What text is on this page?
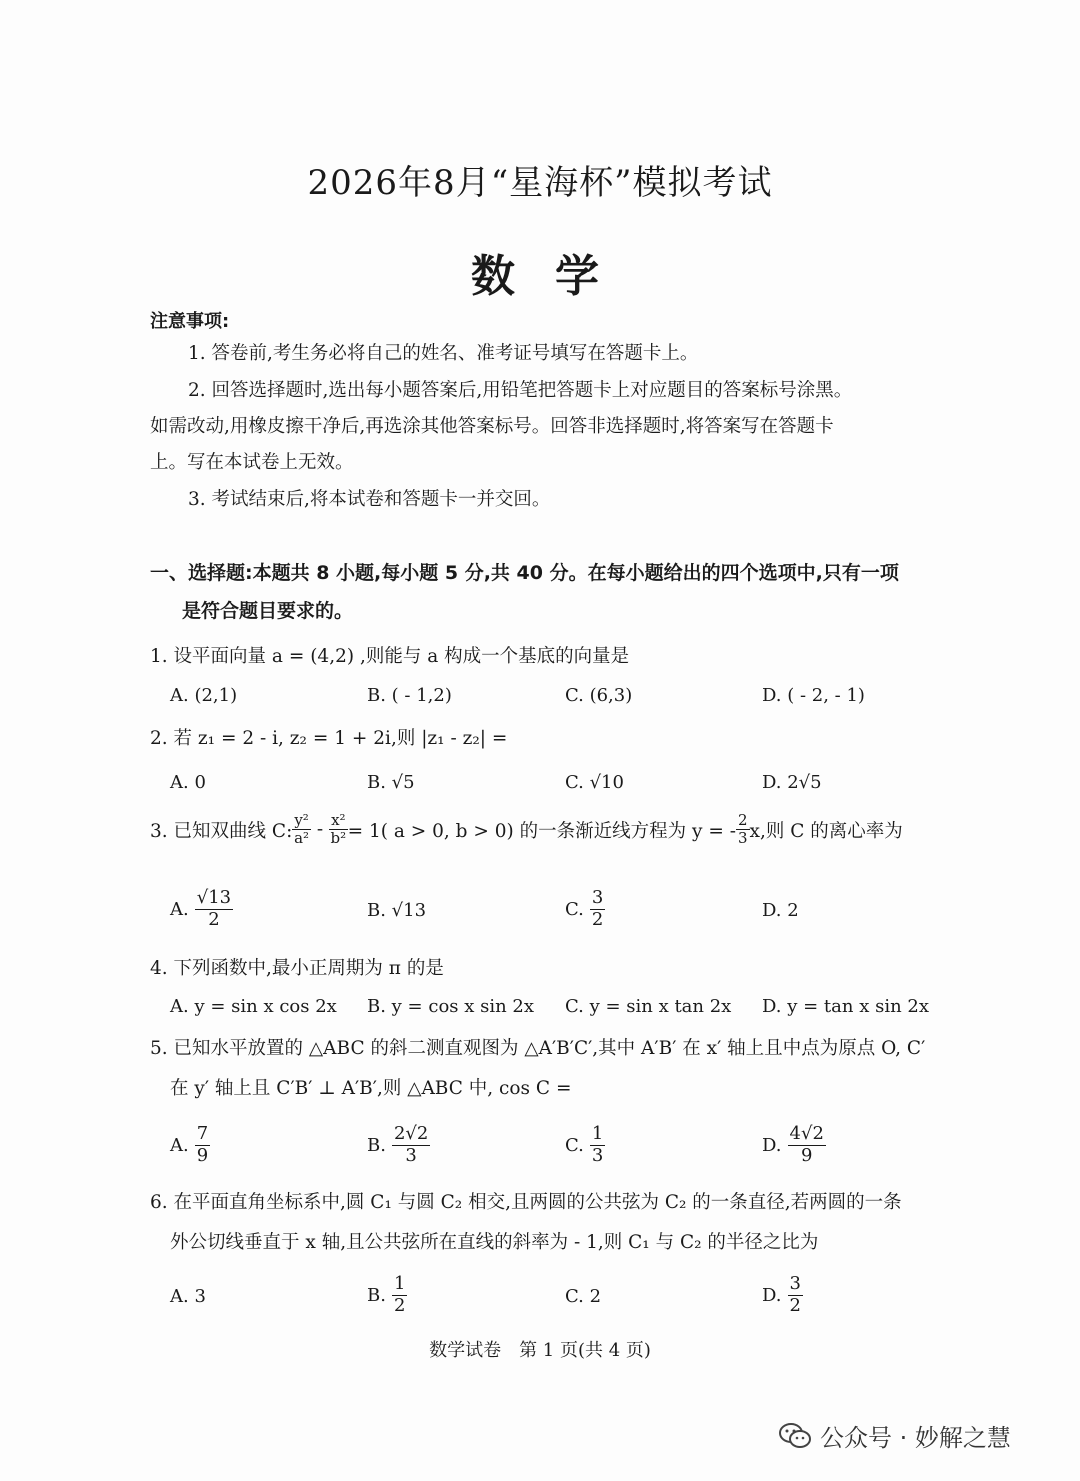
2026年8月“星海杯”模拟考试
数学
注意事项:
1. 答卷前,考生务必将自己的姓名、准考证号填写在答题卡上。
2. 回答选择题时,选出每小题答案后,用铅笔把答题卡上对应题目的答案标号涂黑。
如需改动,用橡皮擦干净后,再选涂其他答案标号。回答非选择题时,将答案写在答题卡
上。写在本试卷上无效。
3. 考试结束后,将本试卷和答题卡一并交回。
一、选择题:本题共 8 小题,每小题 5 分,共 40 分。在每小题给出的四个选项中,只有一项
是符合题目要求的。
1. 设平面向量 a = (4,2) ,则能与 a 构成一个基底的向量是
A. (2,1)	B. ( - 1,2)	C. (6,3)	D. ( - 2, - 1)
2. 若 z₁ = 2 - i, z₂ = 1 + 2i,则 |z₁ - z₂| =
A. 0	B. √5	C. √10	D. 2√5
3. 已知双曲线 C: $\frac{\text{y²}}{\text{a²}} - \frac{\text{x²}}{\text{b²}} = 1$( a > 0, b > 0) 的一条渐近线方程为 y = - $\frac{2}{3} x$,则 C 的离心率为
A. $\frac{√13}{2}$	B. √13	C. $\frac{3}{2}$	D. 2
4. 下列函数中,最小正周期为 π 的是
A. y = sin x cos 2x B. y = cos x sin 2x C. y = sin x tan 2x D. y = tan x sin 2x
5. 已知水平放置的 △ABC 的斜二测直观图为 △A′B′C′,其中 A′B′ 在 x′ 轴上且中点为原点 O, C′
在 y′ 轴上且 C′B′ ⊥ A′B′,则 △ABC 中, cos C =
A. $\frac{7}{9}$	B. $\frac{2√2}{3}$	C. $\frac{1}{3}$	D. $\frac{4√2}{9}$
6. 在平面直角坐标系中,圆 C₁ 与圆 C₂ 相交,且两圆的公共弦为 C₂ 的一条直径,若两圆的一条
外公切线垂直于 x 轴,且公共弦所在直线的斜率为 - 1,则 C₁ 与 C₂ 的半径之比为
A. 3	B. $\frac{1}{2}$	C. 2	D. $\frac{3}{2}$
数学试卷　第 1 页(共 4 页)
公众号 · 妙解之慧
